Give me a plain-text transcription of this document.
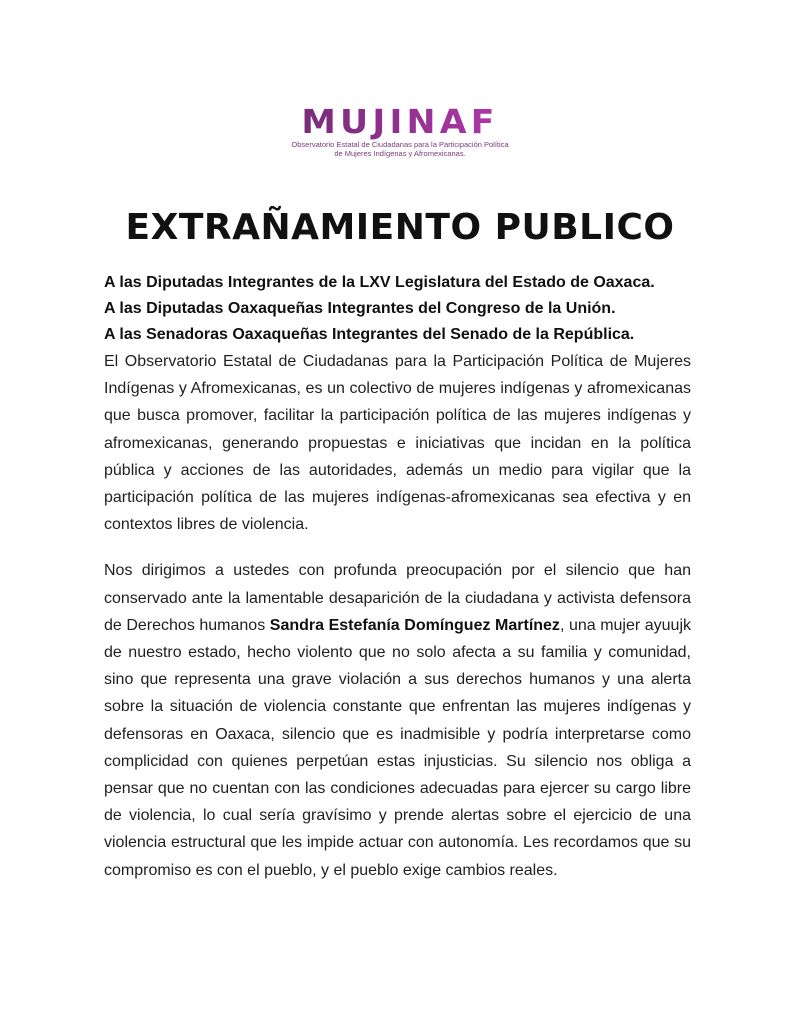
MUJINAF
Observatorio Estatal de Ciudadanas para la Participación Política
de Mujeres Indígenas y Afromexicanas.
EXTRAÑAMIENTO PUBLICO

A las Diputadas Integrantes de la LXV Legislatura del Estado de Oaxaca.

A las Diputadas Oaxaqueñas Integrantes del Congreso de la Unión.

A las Senadoras Oaxaqueñas Integrantes del Senado de la República.

El Observatorio Estatal de Ciudadanas para la Participación Política de Mujeres Indígenas y Afromexicanas, es un colectivo de mujeres indígenas y afromexicanas que busca promover, facilitar la participación política de las mujeres indígenas y afromexicanas, generando propuestas e iniciativas que incidan en la política pública y acciones de las autoridades, además un medio para vigilar que la participación política de las mujeres indígenas-afromexicanas sea efectiva y en contextos libres de violencia.

Nos dirigimos a ustedes con profunda preocupación por el silencio que han conservado ante la lamentable desaparición de la ciudadana y activista defensora de Derechos humanos Sandra Estefanía Domínguez Martínez, una mujer ayuujk de nuestro estado, hecho violento que no solo afecta a su familia y comunidad, sino que representa una grave violación a sus derechos humanos y una alerta sobre la situación de violencia constante que enfrentan las mujeres indígenas y defensoras en Oaxaca, silencio que es inadmisible y podría interpretarse como complicidad con quienes perpetúan estas injusticias. Su silencio nos obliga a pensar que no cuentan con las condiciones adecuadas para ejercer su cargo libre de violencia, lo cual sería gravísimo y prende alertas sobre el ejercicio de una violencia estructural que les impide actuar con autonomía. Les recordamos que su compromiso es con el pueblo, y el pueblo exige cambios reales.
